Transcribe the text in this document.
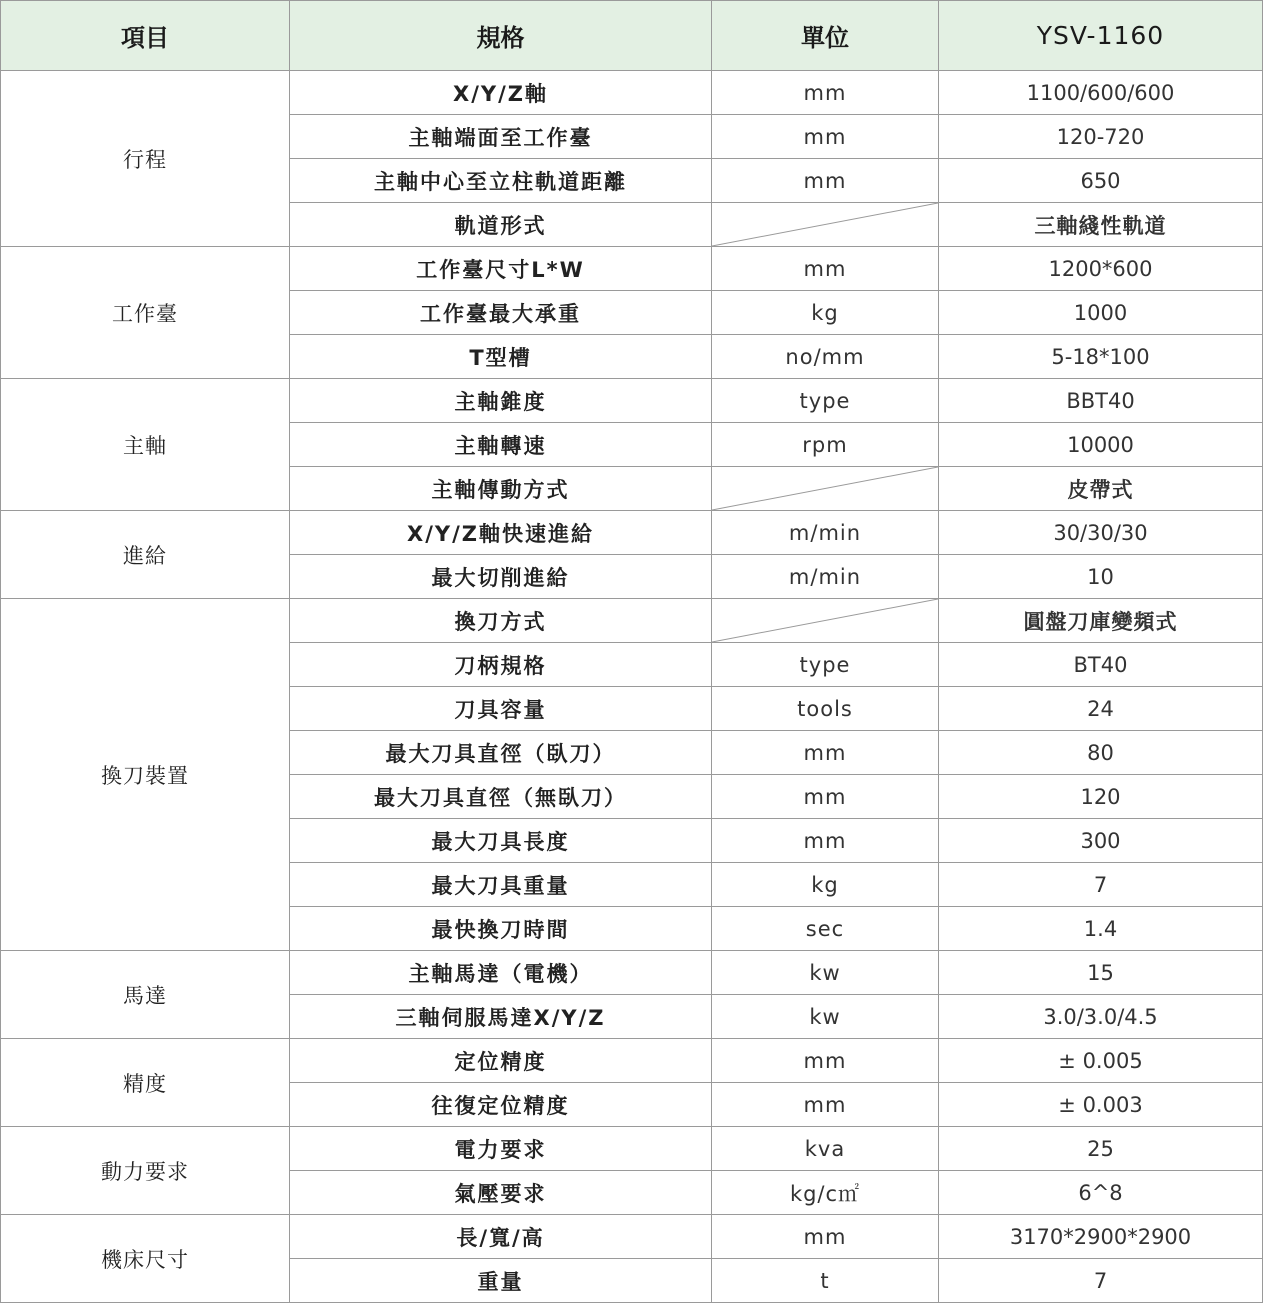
項目	規格	單位	YSV-1160
行程	X/Y/Z軸	mm	1100/600/600
	主軸端面至工作臺	mm	120-720
	主軸中心至立柱軌道距離	mm	650
	軌道形式		三軸綫性軌道
工作臺	工作臺尺寸L*W	mm	1200*600
	工作臺最大承重	kg	1000
	T型槽	no/mm	5-18*100
主軸	主軸錐度	type	BBT40
	主軸轉速	rpm	10000
	主軸傳動方式		皮帶式
進給	X/Y/Z軸快速進給	m/min	30/30/30
	最大切削進給	m/min	10
換刀裝置	換刀方式		圓盤刀庫變頻式
	刀柄規格	type	BT40
	刀具容量	tools	24
	最大刀具直徑（臥刀）	mm	80
	最大刀具直徑（無臥刀）	mm	120
	最大刀具長度	mm	300
	最大刀具重量	kg	7
	最快換刀時間	sec	1.4
馬達	主軸馬達（電機）	kw	15
	三軸伺服馬達X/Y/Z	kw	3.0/3.0/4.5
精度	定位精度	mm	± 0.005
	往復定位精度	mm	± 0.003
動力要求	電力要求	kva	25
	氣壓要求	kg/c㎡	6^8
機床尺寸	長/寬/高	mm	3170*2900*2900
	重量	t	7
